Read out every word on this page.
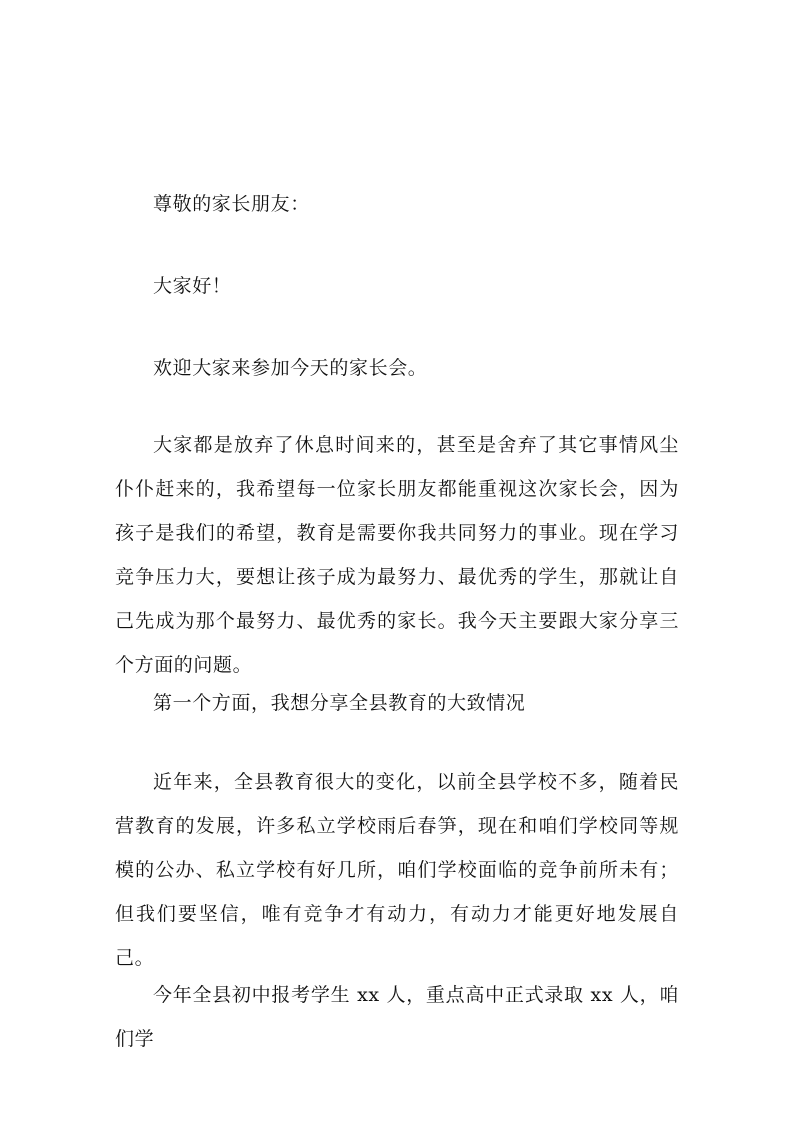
尊敬的家长朋友：

大家好！

欢迎大家来参加今天的家长会。

大家都是放弃了休息时间来的，甚至是舍弃了其它事情风尘仆仆赶来的，我希望每一位家长朋友都能重视这次家长会，因为孩子是我们的希望，教育是需要你我共同努力的事业。现在学习竞争压力大，要想让孩子成为最努力、最优秀的学生，那就让自己先成为那个最努力、最优秀的家长。我今天主要跟大家分享三个方面的问题。

第一个方面，我想分享全县教育的大致情况

近年来，全县教育很大的变化，以前全县学校不多，随着民营教育的发展，许多私立学校雨后春笋，现在和咱们学校同等规模的公办、私立学校有好几所，咱们学校面临的竞争前所未有；但我们要坚信，唯有竞争才有动力，有动力才能更好地发展自己。

今年全县初中报考学生 xx 人，重点高中正式录取 xx 人，咱们学
